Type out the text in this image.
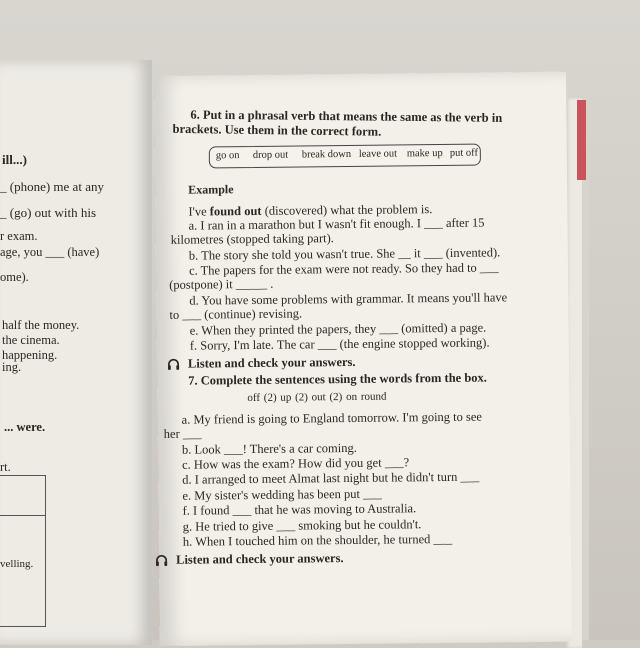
ill...)
_ (phone) me at any
_ (go) out with his
r exam.
age, you ___ (have)
ome).
half the money.
the cinema.
happening.
ing.
... were.
rt.
velling.
6. Put in a phrasal verb that means the same as the verb in
brackets. Use them in the correct form.
go on drop out break down leave out make up put off
Example
I've found out (discovered) what the problem is.
a. I ran in a marathon but I wasn't fit enough. I ___ after 15
kilometres (stopped taking part).
b. The story she told you wasn't true. She __ it ___ (invented).
c. The papers for the exam were not ready. So they had to ___
(postpone) it _____ .
d. You have some problems with grammar. It means you'll have
to ___ (continue) revising.
e. When they printed the papers, they ___ (omitted) a page.
f. Sorry, I'm late. The car ___ (the engine stopped working).
Listen and check your answers.
7. Complete the sentences using the words from the box.
off (2) up (2) out (2) on round
a. My friend is going to England tomorrow. I'm going to see
her ___
b. Look ___! There's a car coming.
c. How was the exam? How did you get ___?
d. I arranged to meet Almat last night but he didn't turn ___
e. My sister's wedding has been put ___
f. I found ___ that he was moving to Australia.
g. He tried to give ___ smoking but he couldn't.
h. When I touched him on the shoulder, he turned ___
Listen and check your answers.
